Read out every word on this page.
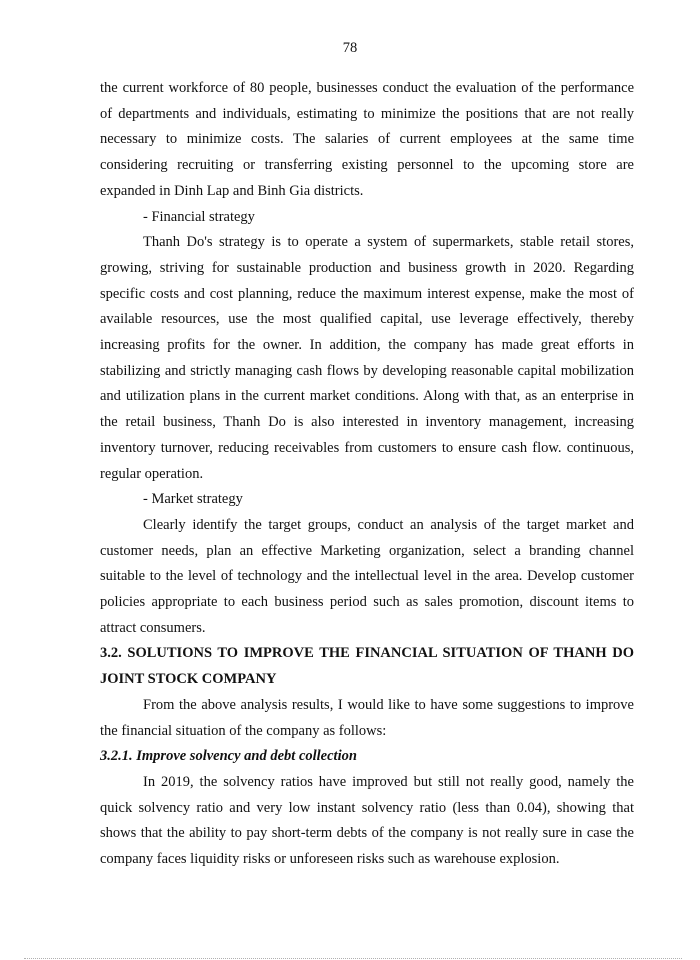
78

the current workforce of 80 people, businesses conduct the evaluation of the performance of departments and individuals, estimating to minimize the positions that are not really necessary to minimize costs. The salaries of current employees at the same time considering recruiting or transferring existing personnel to the upcoming store are expanded in Dinh Lap and Binh Gia districts.

- Financial strategy

Thanh Do's strategy is to operate a system of supermarkets, stable retail stores, growing, striving for sustainable production and business growth in 2020. Regarding specific costs and cost planning, reduce the maximum interest expense, make the most of available resources, use the most qualified capital, use leverage effectively, thereby increasing profits for the owner. In addition, the company has made great efforts in stabilizing and strictly managing cash flows by developing reasonable capital mobilization and utilization plans in the current market conditions. Along with that, as an enterprise in the retail business, Thanh Do is also interested in inventory management, increasing inventory turnover, reducing receivables from customers to ensure cash flow. continuous, regular operation.

- Market strategy

Clearly identify the target groups, conduct an analysis of the target market and customer needs, plan an effective Marketing organization, select a branding channel suitable to the level of technology and the intellectual level in the area. Develop customer policies appropriate to each business period such as sales promotion, discount items to attract consumers.

3.2. SOLUTIONS TO IMPROVE THE FINANCIAL SITUATION OF THANH DO JOINT STOCK COMPANY

From the above analysis results, I would like to have some suggestions to improve the financial situation of the company as follows:

3.2.1. Improve solvency and debt collection

In 2019, the solvency ratios have improved but still not really good, namely the quick solvency ratio and very low instant solvency ratio (less than 0.04), showing that shows that the ability to pay short-term debts of the company is not really sure in case the company faces liquidity risks or unforeseen risks such as warehouse explosion.
